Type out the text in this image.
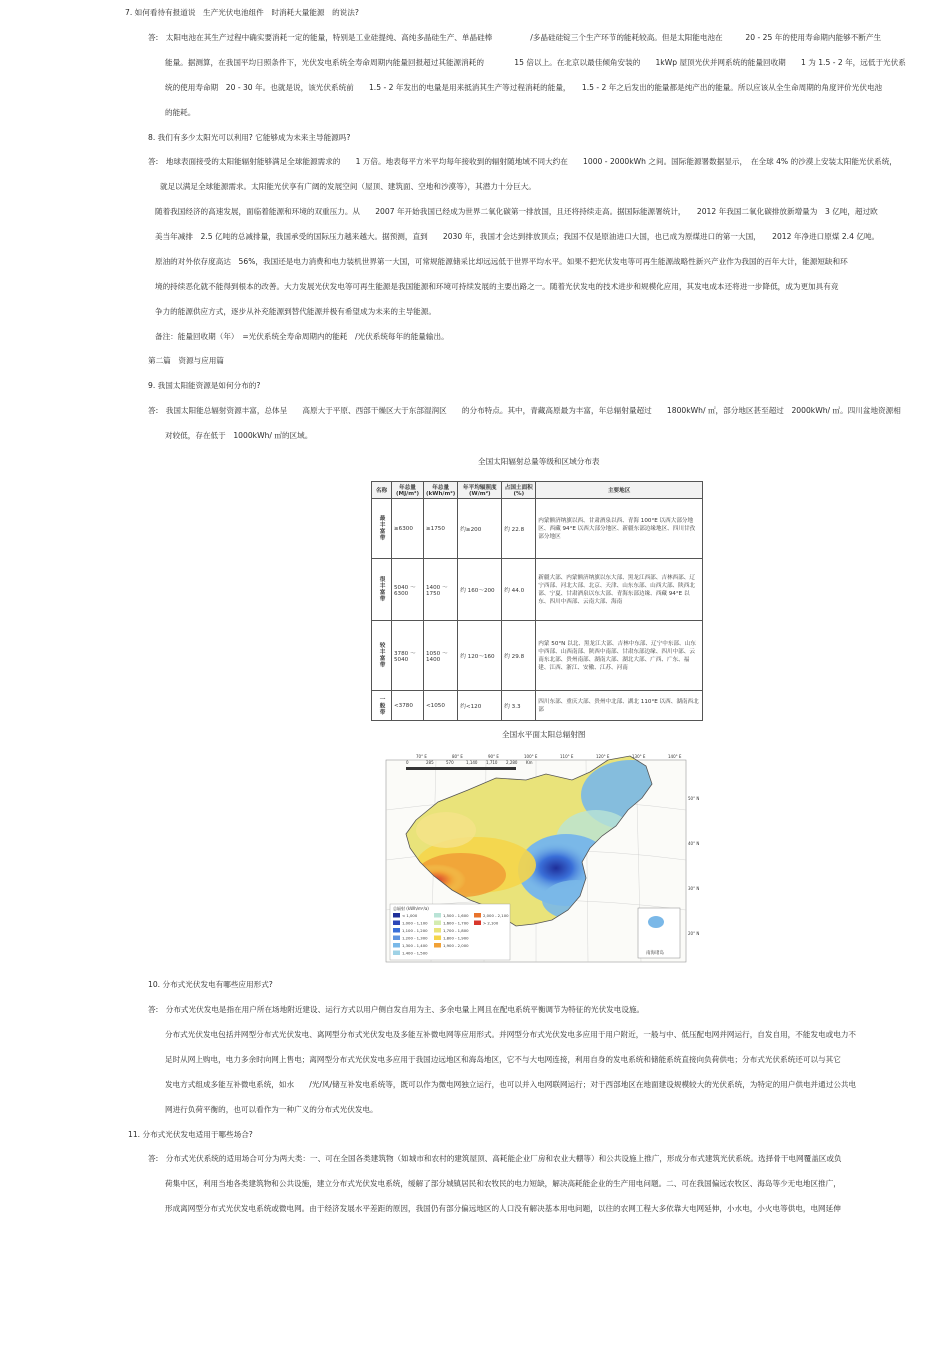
7. 如何看待有报道说　生产光伏电池组件　时消耗大量能源　的说法?
答:　太阳电池在其生产过程中确实要消耗一定的能量，特别是工业硅提纯、高纯多晶硅生产、单晶硅棒　　　　　/多晶硅硅锭三个生产环节的能耗较高。但是太阳能电池在　　　20 - 25 年的使用寿命期内能够不断产生
能量。据测算，在我国平均日照条件下，光伏发电系统全寿命周期内能量回报超过其能源消耗的　　　　15 倍以上。在北京以最佳倾角安装的　　1kWp 屋顶光伏并网系统的能量回收期　　1 为 1.5 - 2 年，远低于光伏系
统的使用寿命期　20 - 30 年。也就是说，该光伏系统前　　1.5 - 2 年发出的电量是用来抵消其生产等过程消耗的能量，　　1.5 - 2 年之后发出的能量都是纯产出的能量。所以应该从全生命周期的角度评价光伏电池
的能耗。
8. 我们有多少太阳光可以利用? 它能够成为未来主导能源吗?
答:　地球表面接受的太阳能辐射能够满足全球能源需求的　　1 万倍。地表每平方米平均每年接收到的辐射随地域不同大约在　　1000 - 2000kWh 之间。国际能源署数据显示，　在全球 4% 的沙漠上安装太阳能光伏系统，
就足以满足全球能源需求。太阳能光伏享有广阔的发展空间（屋顶、建筑面、空地和沙漠等），其潜力十分巨大。
随着我国经济的高速发展，面临着能源和环境的双重压力。从　　2007 年开始我国已经成为世界二氧化碳第一排放国，且还将持续走高。据国际能源署统计，　　2012 年我国二氧化碳排放新增量为　3 亿吨，超过欧
美当年减排　2.5 亿吨的总减排量，我国承受的国际压力越来越大。据预测，直到　　2030 年，我国才会达到排放顶点；我国不仅是原油进口大国，也已成为原煤进口的第一大国，　　2012 年净进口原煤 2.4 亿吨。
原油的对外依存度高达　56%，我国还是电力消费和电力装机世界第一大国，可常规能源储采比却远远低于世界平均水平。如果不把光伏发电等可再生能源战略性新兴产业作为我国的百年大计，能源短缺和环
境的持续恶化就不能得到根本的改善。大力发展光伏发电等可再生能源是我国能源和环境可持续发展的主要出路之一。随着光伏发电的技术进步和规模化应用，其发电成本还将进一步降低，成为更加具有竞
争力的能源供应方式，逐步从补充能源到替代能源并极有希望成为未来的主导能源。
备注：能量回收期（年）　=光伏系统全寿命周期内的能耗　/光伏系统每年的能量输出。
第二篇　资源与应用篇
9. 我国太阳能资源是如何分布的?
答:　我国太阳能总辐射资源丰富，总体呈　　高原大于平原、西部干燥区大于东部湿润区　　的分布特点。其中，青藏高原最为丰富，年总辐射量超过　　1800kWh/ ㎡，部分地区甚至超过　2000kWh/ ㎡。四川盆地资源相
对较低，存在低于　1000kWh/ ㎡的区域。
全国太阳辐射总量等级和区域分布表
名称	年总量(MJ/m²)	年总量(kWh/m²)	年平均辐照度(W/m²)	占国土面积(%)	主要地区
最丰富带	≥6300	≥1750	约≥200	约 22.8	内蒙额济纳旗以西、甘肃酒泉以西、青海 100°E 以西大部分地区、西藏 94°E 以西大部分地区、新疆东部边缘地区、四川甘孜部分地区
很丰富带	5040 ～ 6300	1400 ～ 1750	约 160～200	约 44.0	新疆大部、内蒙额济纳旗以东大部、黑龙江西部、吉林西部、辽宁西部、河北大部、北京、天津、山东东部、山西大部、陕西北部、宁夏、甘肃酒泉以东大部、青海东部边缘、西藏 94°E 以东、四川中西部、云南大部、海南
较丰富带	3780 ～ 5040	1050 ～ 1400	约 120～160	约 29.8	内蒙 50°N 以北、黑龙江大部、吉林中东部、辽宁中东部、山东中西部、山西南部、陕西中南部、甘肃东部边缘、四川中部、云南东北部、贵州南部、湖南大部、湖北大部、广西、广东、福建、江西、浙江、安徽、江苏、河南
一般带	<3780	<1050	约<120	约 3.3	四川东部、重庆大部、贵州中北部、湖北 110°E 以西、湖南西北部
全国水平面太阳总辐射图
0	285	570	1,140 1,710 2,280 Km
70° E	80° E	90° E	100° E	110° E	120° E	130° E	140° E
50° N
40° N
30° N
20° N
总辐射 (kWh/m²/a)
< 1,000
1,000 - 1,100
1,100 - 1,200
1,200 - 1,300
1,300 - 1,400
1,400 - 1,500
1,500 - 1,600
1,600 - 1,700
1,700 - 1,800
1,800 - 1,900
1,900 - 2,000
2,000 - 2,100
> 2,100
南海诸岛
10. 分布式光伏发电有哪些应用形式?
答:　分布式光伏发电是指在用户所在场地附近建设、运行方式以用户侧自发自用为主、多余电量上网且在配电系统平衡调节为特征的光伏发电设施。
分布式光伏发电包括并网型分布式光伏发电、离网型分布式光伏发电及多能互补微电网等应用形式。并网型分布式光伏发电多应用于用户附近，一般与中、低压配电网并网运行，自发自用，不能发电或电力不
足时从网上购电，电力多余时向网上售电；离网型分布式光伏发电多应用于我国边远地区和海岛地区，它不与大电网连接，利用自身的发电系统和储能系统直接向负荷供电；分布式光伏系统还可以与其它
发电方式组成多能互补微电系统，如水　　/光/风/储互补发电系统等，既可以作为微电网独立运行，也可以并入电网联网运行；对于西部地区在地面建设规模较大的光伏系统，为特定的用户供电并通过公共电
网进行负荷平衡的，也可以看作为一种广义的分布式光伏发电。
11. 分布式光伏发电适用于哪些场合?
答:　分布式光伏系统的适用场合可分为两大类：一、可在全国各类建筑物（如城市和农村的建筑屋顶、高耗能企业厂房和农业大棚等）和公共设施上推广，形成分布式建筑光伏系统。选择骨干电网覆盖区或负
荷集中区，利用当地各类建筑物和公共设施，建立分布式光伏发电系统，缓解了部分城镇居民和农牧民的电力短缺，解决高耗能企业的生产用电问题。二、可在我国偏远农牧区、海岛等少无电地区推广，
形成离网型分布式光伏发电系统或微电网。由于经济发展水平差距的原因，我国仍有部分偏远地区的人口没有解决基本用电问题，以往的农网工程大多依靠大电网延伸，小水电，小火电等供电，电网延伸
